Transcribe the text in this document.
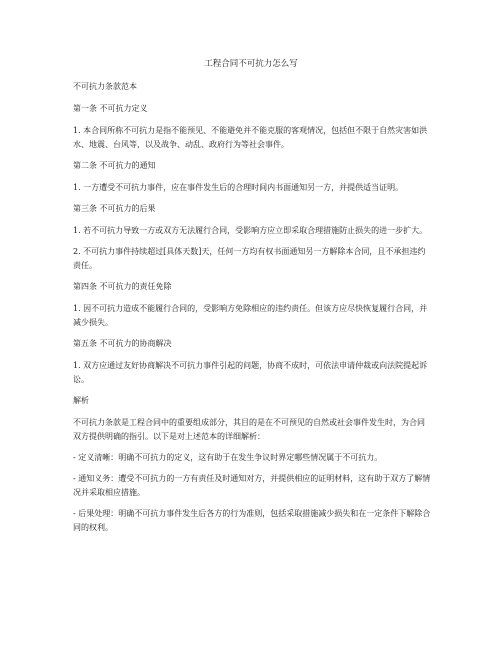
工程合同不可抗力怎么写

不可抗力条款范本

第一条 不可抗力定义

1. 本合同所称不可抗力是指不能预见、不能避免并不能克服的客观情况，包括但不限于自然灾害如洪水、地震、台风等，以及战争、动乱、政府行为等社会事件。

第二条 不可抗力的通知

1. 一方遭受不可抗力事件，应在事件发生后的合理时间内书面通知另一方，并提供适当证明。

第三条 不可抗力的后果

1. 若不可抗力导致一方或双方无法履行合同，受影响方应立即采取合理措施防止损失的进一步扩大。

2. 不可抗力事件持续超过[具体天数]天，任何一方均有权书面通知另一方解除本合同，且不承担违约责任。

第四条 不可抗力的责任免除

1. 因不可抗力造成不能履行合同的，受影响方免除相应的违约责任。但该方应尽快恢复履行合同，并减少损失。

第五条 不可抗力的协商解决

1. 双方应通过友好协商解决不可抗力事件引起的问题，协商不成时，可依法申请仲裁或向法院提起诉讼。

解析

不可抗力条款是工程合同中的重要组成部分，其目的是在不可预见的自然或社会事件发生时，为合同双方提供明确的指引。以下是对上述范本的详细解析：

- 定义清晰：明确不可抗力的定义，这有助于在发生争议时界定哪些情况属于不可抗力。

- 通知义务：遭受不可抗力的一方有责任及时通知对方，并提供相应的证明材料，这有助于双方了解情况并采取相应措施。

- 后果处理：明确不可抗力事件发生后各方的行为准则，包括采取措施减少损失和在一定条件下解除合同的权利。
